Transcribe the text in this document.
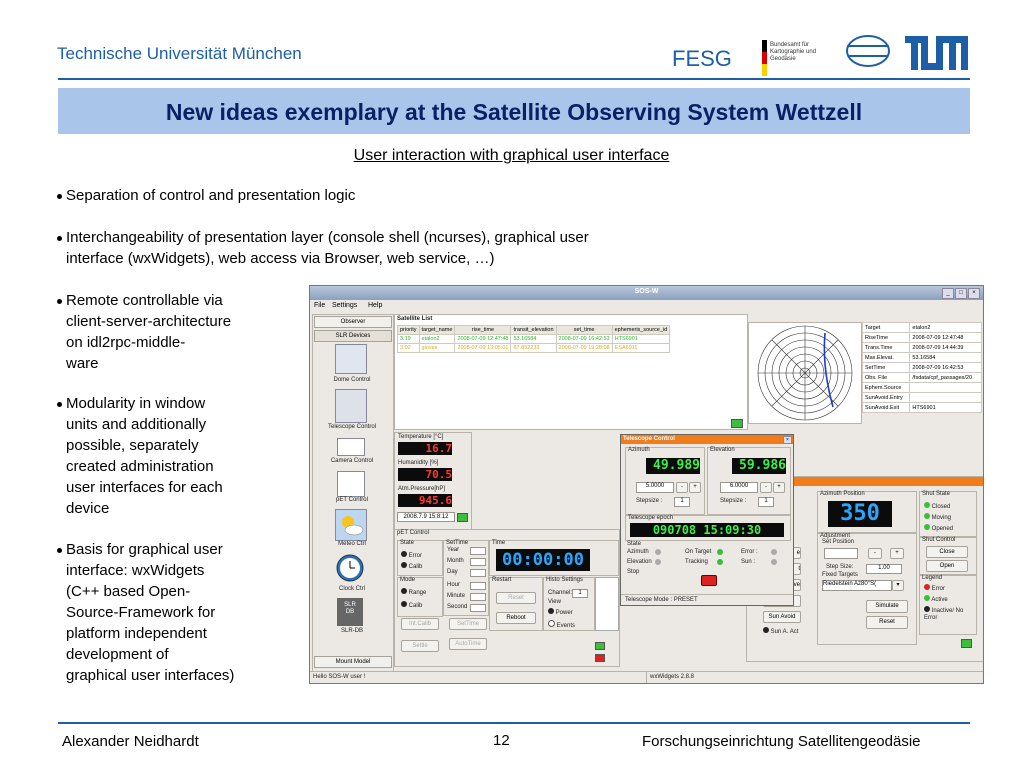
Technische Universität München	FESG
Bundesamt für
Kartographie und Geodäsie
New ideas exemplary at the Satellite Observing System Wettzell
User interaction with graphical user interface
Separation of control and presentation logic
Interchangeability of presentation layer (console shell (ncurses), graphical user
interface (wxWidgets), web access via Browser, web service, …)
Remote controllable via
client-server-architecture
on idl2rpc-middle-
ware
Modularity in window
units and additionally
possible, separately
created administration
user interfaces for each
device
Basis for graphical user
interface: wxWidgets
(C++ based Open-
Source-Framework for
platform independent
development of
graphical user interfaces)
Alexander Neidhardt	12	Forschungseinrichtung Satellitengeodäsie
SOS-W	_	□	×
File Settings Help
Observer
SLR Devices
Dome Control
Telescope Control
Camera Control
pET Control
Meteo Ctrl
Clock Ctrl
SLR
DB
SLR-DB
Mount Model
Satellite List
priority	target_name	rise_time	transit_elevation	set_time	ephemeris_source_id
3.19	etalon2	2008-07-09 12:47:48	53.16584	2008-07-09 16:42:53	HTS6901
3.02	gioves	2008-07-09 13:05:01	67.852233	2008-07-09 19:28:08	ESA6911
Target	etalon2
RiseTime	2008-07-09 12:47:48
Trans.Time	2008-07-09 14:44:39
Max.Elevat.	53.16584
SetTime	2008-07-09 16:42:53
Obs. File	/fsdata/cpf_passages/20
Ephem.Source	
SunAvoid.Entry	
SunAvoid.Exit	HTS6901
Temperature [°C]
16.7
Humanidity [%]
70.5
Atm.Pressure[hP]
945.6
2008.7.9 15:8:12
pET Control
State
Error
Calib
Mode
Range
Calib
Int.Calib
Settle
SetTime
Year
Month
Day
Hour
Minute
Second
SetTime
AutoTime
Time
00:00:00
Restart
Reset
Reboot
Histo Settings
Channel:	1
View
Power
Events
Azimuth Position
350
Adjustment
Set Position
-	+
Step Size:	1.00
Fixed Targets
Riedelstein Az80°S(	▾
Simulate
Reset
Shut State
Closed
Moving
Opened
Shut Control
Close
Open
Legend
Error
Active
Inactive/ No Error
e
t
ve
Sun Avoid
Sun A. Act
Telescope Control	×
Azimuth
49.989
5.0000	-	+
Stepsize :	1
Elevation
59.986
6.0000	-	+
Stepsize :	1
Telescope epoch
090708 15:09:30
State
Azimuth
Elevation
On Target
Tracking
Error :
Sun :
Stop
Telescope Mode : PRESET
Hello SOS-W user !	wxWidgets 2.8.8
